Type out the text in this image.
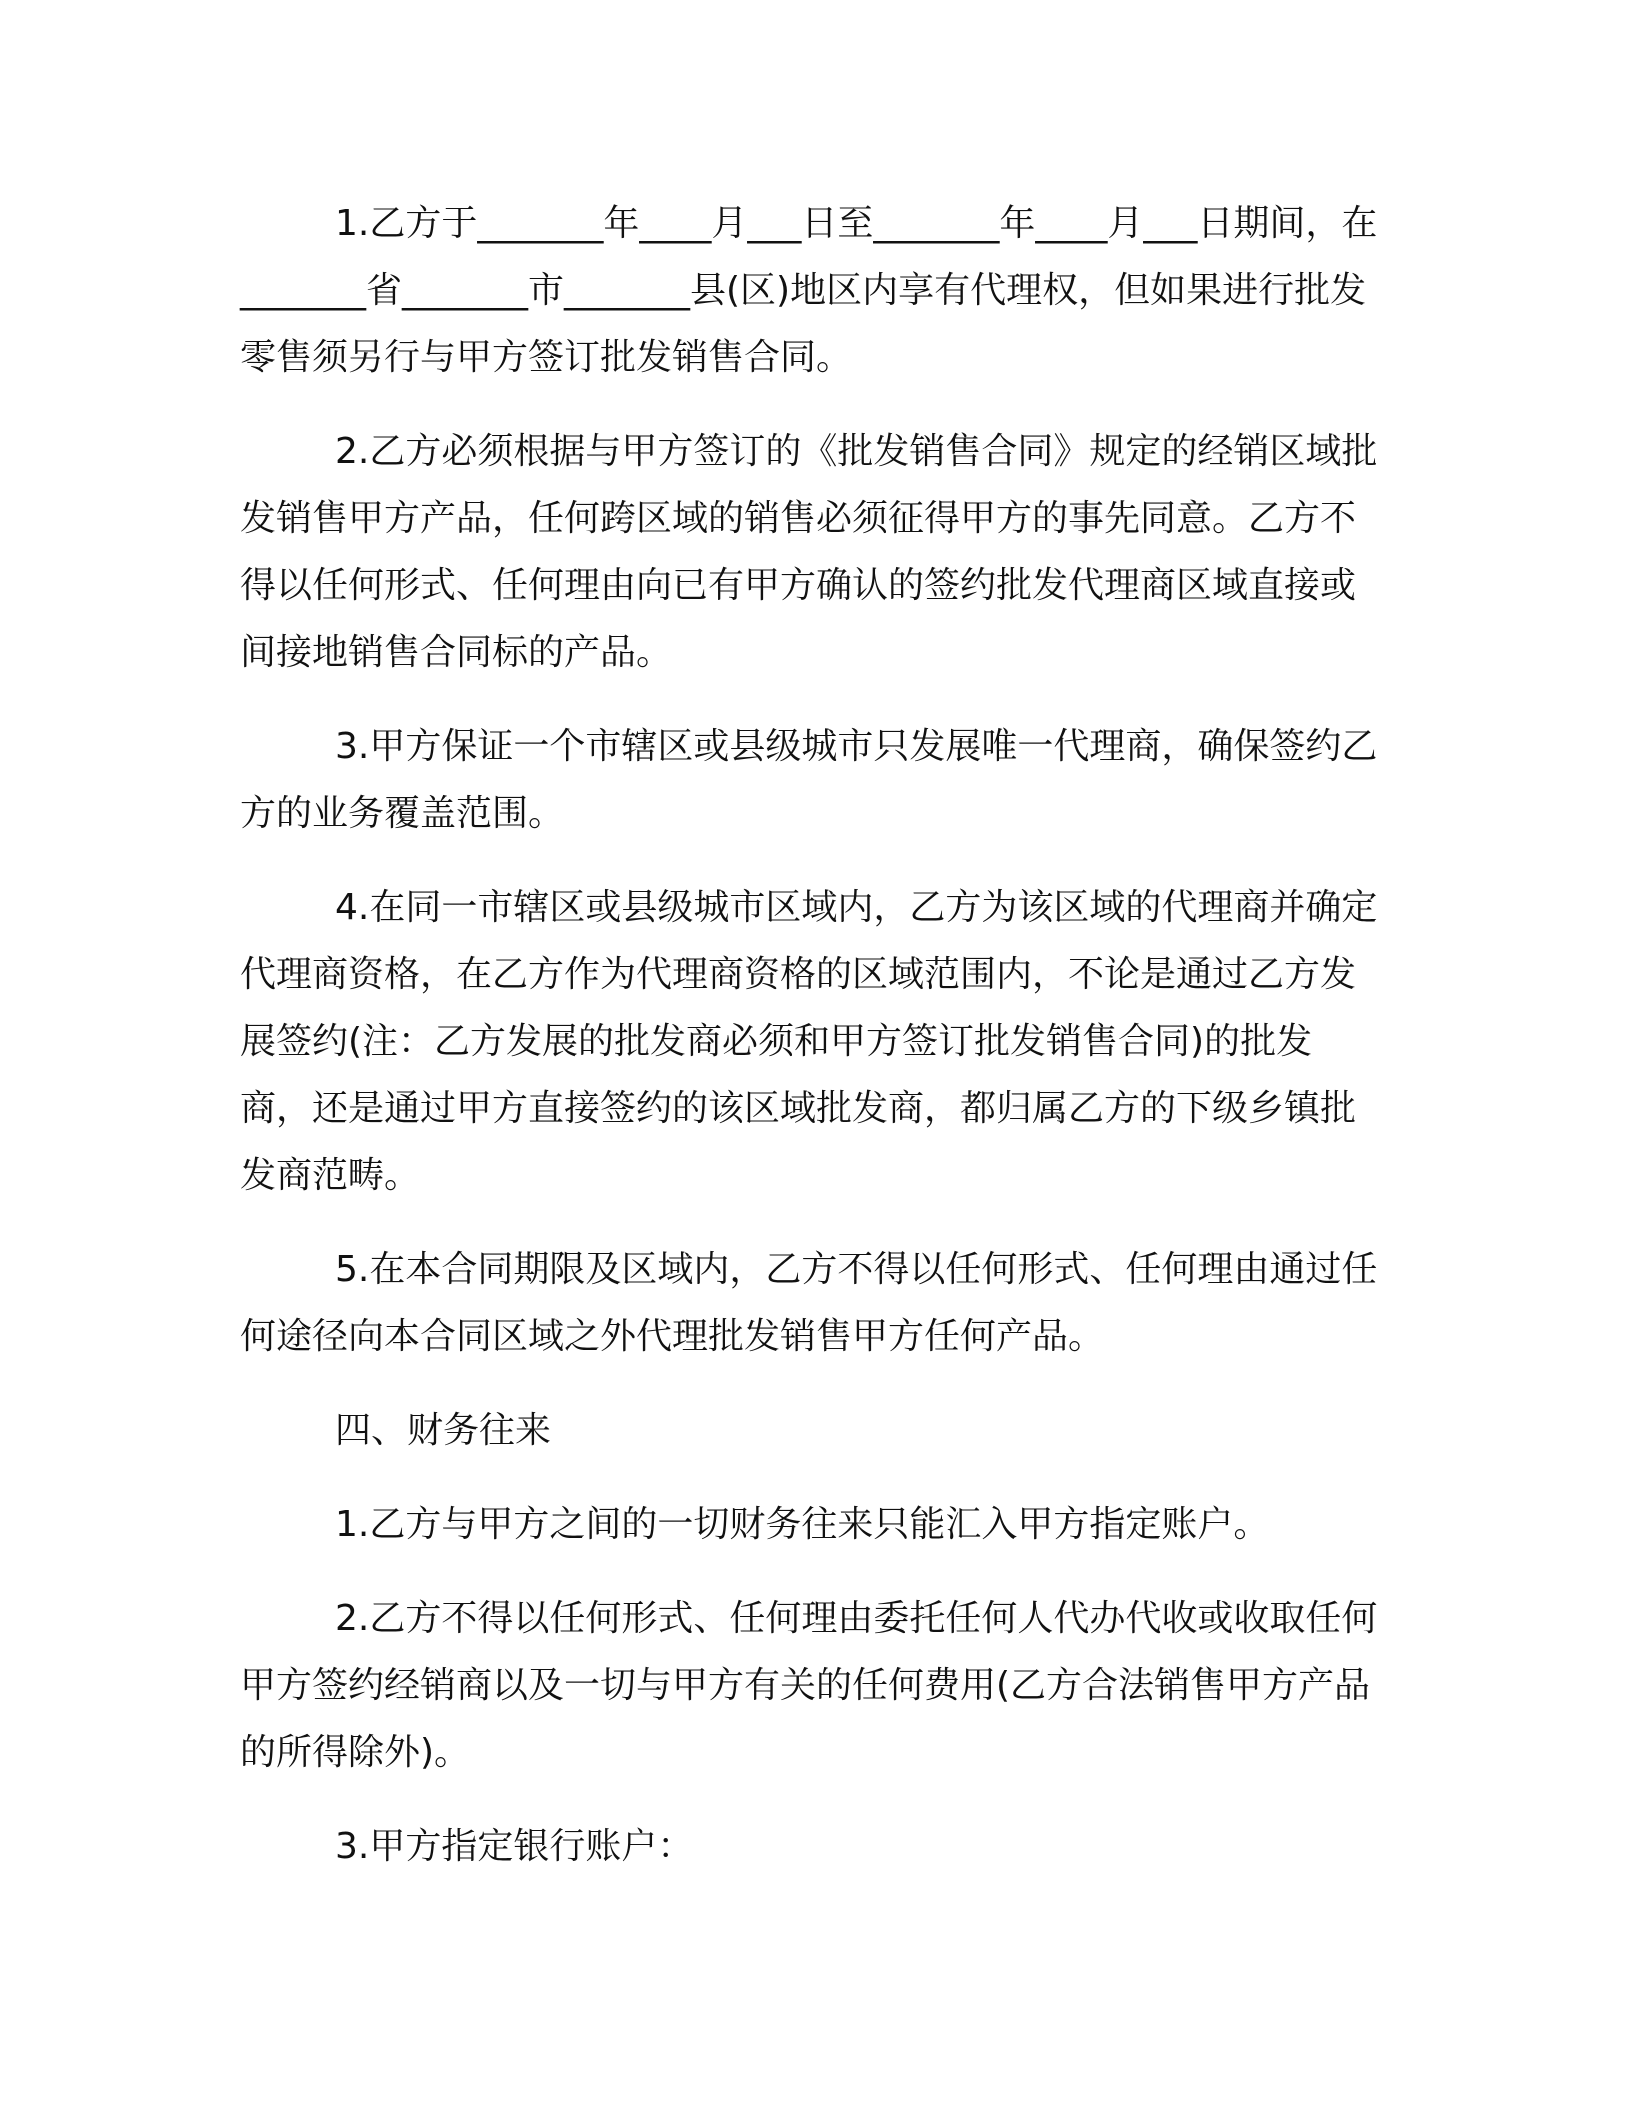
1.乙方于_______年____月___日至_______年____月___日期间，在_______省_______市_______县(区)地区内享有代理权，但如果进行批发零售须另行与甲方签订批发销售合同。

2.乙方必须根据与甲方签订的《批发销售合同》规定的经销区域批发销售甲方产品，任何跨区域的销售必须征得甲方的事先同意。乙方不得以任何形式、任何理由向已有甲方确认的签约批发代理商区域直接或间接地销售合同标的产品。

3.甲方保证一个市辖区或县级城市只发展唯一代理商，确保签约乙方的业务覆盖范围。

4.在同一市辖区或县级城市区域内，乙方为该区域的代理商并确定代理商资格，在乙方作为代理商资格的区域范围内，不论是通过乙方发展签约(注：乙方发展的批发商必须和甲方签订批发销售合同)的批发商，还是通过甲方直接签约的该区域批发商，都归属乙方的下级乡镇批发商范畴。

5.在本合同期限及区域内，乙方不得以任何形式、任何理由通过任何途径向本合同区域之外代理批发销售甲方任何产品。

四、财务往来

1.乙方与甲方之间的一切财务往来只能汇入甲方指定账户。

2.乙方不得以任何形式、任何理由委托任何人代办代收或收取任何甲方签约经销商以及一切与甲方有关的任何费用(乙方合法销售甲方产品的所得除外)。

3.甲方指定银行账户：
